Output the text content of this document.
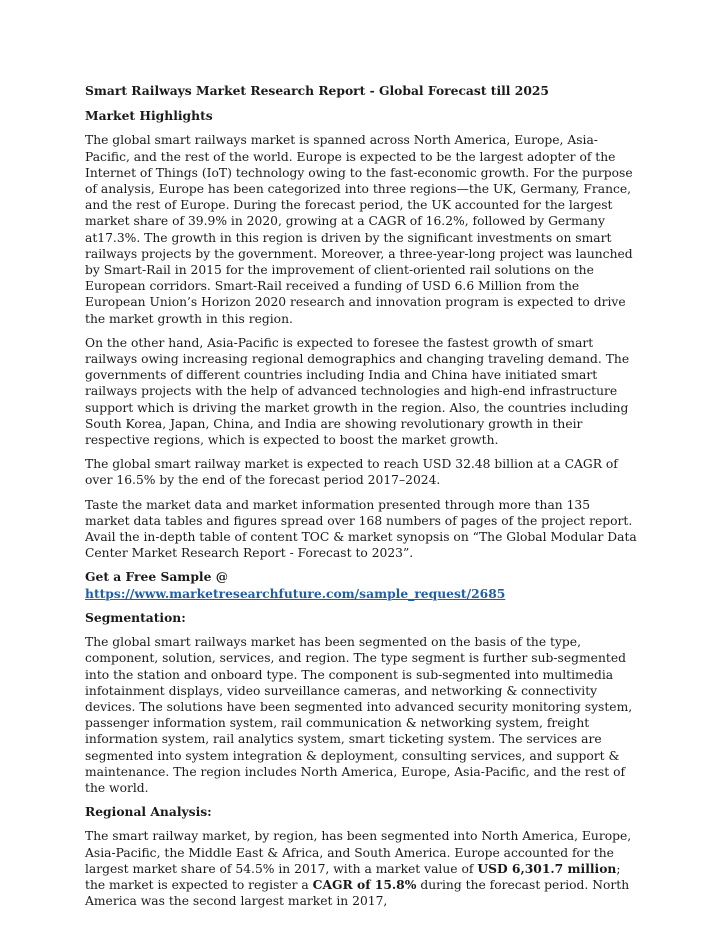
Smart Railways Market Research Report - Global Forecast till 2025

Market Highlights

The global smart railways market is spanned across North America, Europe, Asia-Pacific, and the rest of the world. Europe is expected to be the largest adopter of the Internet of Things (IoT) technology owing to the fast-economic growth. For the purpose of analysis, Europe has been categorized into three regions—the UK, Germany, France, and the rest of Europe. During the forecast period, the UK accounted for the largest market share of 39.9% in 2020, growing at a CAGR of 16.2%, followed by Germany at17.3%. The growth in this region is driven by the significant investments on smart railways projects by the government. Moreover, a three-year-long project was launched by Smart-Rail in 2015 for the improvement of client-oriented rail solutions on the European corridors. Smart-Rail received a funding of USD 6.6 Million from the European Union’s Horizon 2020 research and innovation program is expected to drive the market growth in this region.

On the other hand, Asia-Pacific is expected to foresee the fastest growth of smart railways owing increasing regional demographics and changing traveling demand. The governments of different countries including India and China have initiated smart railways projects with the help of advanced technologies and high-end infrastructure support which is driving the market growth in the region. Also, the countries including South Korea, Japan, China, and India are showing revolutionary growth in their respective regions, which is expected to boost the market growth.

The global smart railway market is expected to reach USD 32.48 billion at a CAGR of over 16.5% by the end of the forecast period 2017–2024.

Taste the market data and market information presented through more than 135 market data tables and figures spread over 168 numbers of pages of the project report. Avail the in-depth table of content TOC & market synopsis on “The Global Modular Data Center Market Research Report - Forecast to 2023”.

Get a Free Sample @ https://www.marketresearchfuture.com/sample_request/2685

Segmentation:

The global smart railways market has been segmented on the basis of the type, component, solution, services, and region. The type segment is further sub-segmented into the station and onboard type. The component is sub-segmented into multimedia infotainment displays, video surveillance cameras, and networking & connectivity devices. The solutions have been segmented into advanced security monitoring system, passenger information system, rail communication & networking system, freight information system, rail analytics system, smart ticketing system. The services are segmented into system integration & deployment, consulting services, and support & maintenance. The region includes North America, Europe, Asia-Pacific, and the rest of the world.

Regional Analysis:

The smart railway market, by region, has been segmented into North America, Europe, Asia-Pacific, the Middle East & Africa, and South America. Europe accounted for the largest market share of 54.5% in 2017, with a market value of USD 6,301.7 million; the market is expected to register a CAGR of 15.8% during the forecast period. North America was the second largest market in 2017,
